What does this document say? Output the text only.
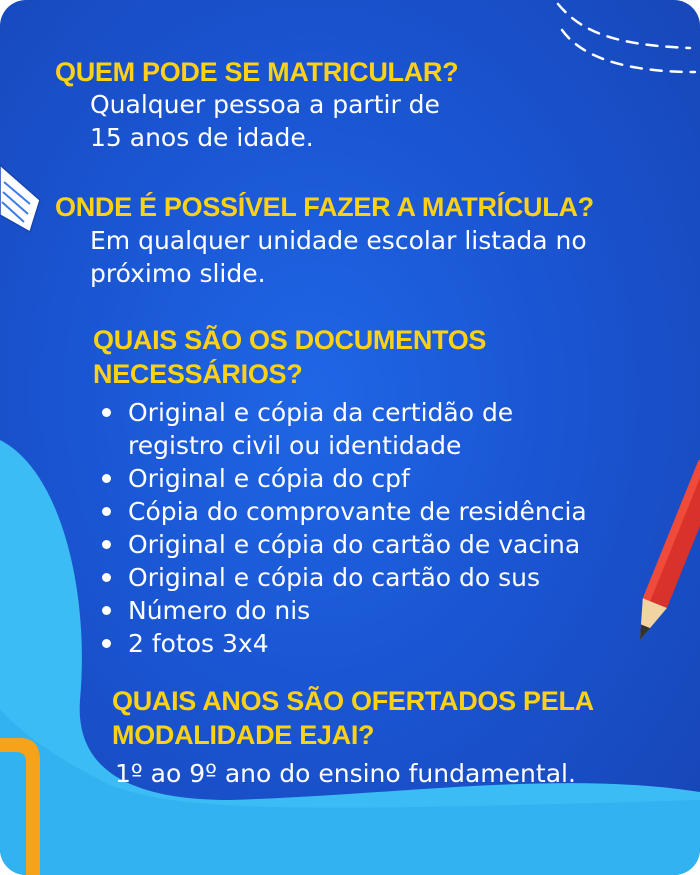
QUEM PODE SE MATRICULAR?
Qualquer pessoa a partir de
15 anos de idade.
ONDE É POSSÍVEL FAZER A MATRÍCULA?
Em qualquer unidade escolar listada no
próximo slide.
QUAIS SÃO OS DOCUMENTOS
NECESSÁRIOS?
Original e cópia da certidão de
registro civil ou identidade
Original e cópia do cpf
Cópia do comprovante de residência
Original e cópia do cartão de vacina
Original e cópia do cartão do sus
Número do nis
2 fotos 3x4
QUAIS ANOS SÃO OFERTADOS PELA
MODALIDADE EJAI?
1º ao 9º ano do ensino fundamental.
